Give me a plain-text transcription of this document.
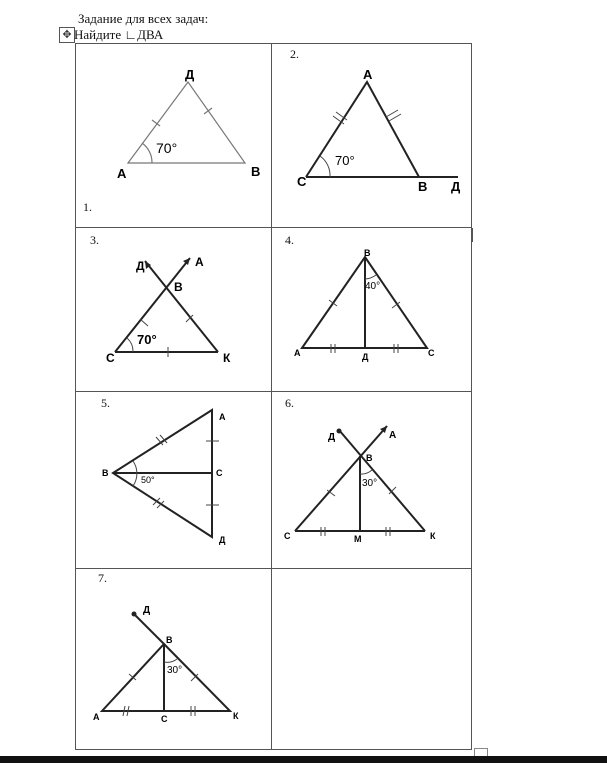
Задание для всех задач:
✥ Найдите ∟ДВА
1.
2.
3.	4.
5.	6.
7.
70°
Д
А	В
70°
А
С	В Д
70°
Д	А
В
С	К
40°
В
А	Д	С
50°
А
В	С
Д
30°
Д	А
В
С	М	К
30°
Д
В
А	С	К
